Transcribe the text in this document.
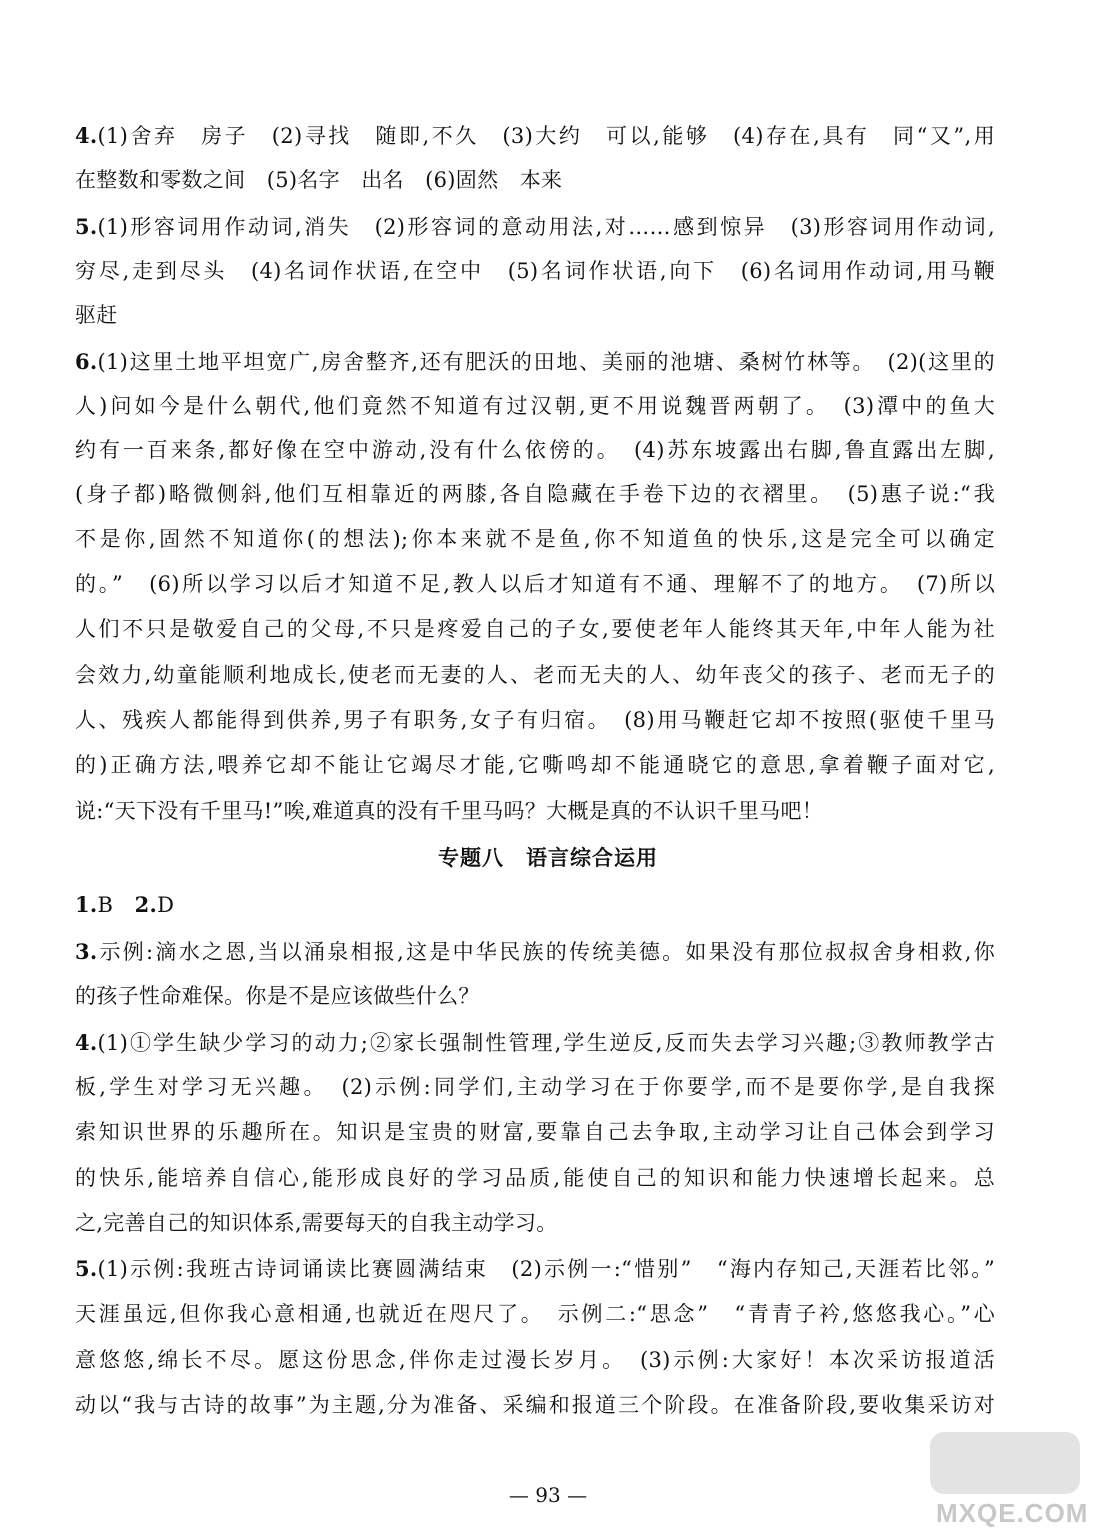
4.(1)舍弃　房子　(2)寻找　随即,不久　(3)大约　可以,能够　(4)存在,具有　同“又”,用
在整数和零数之间　(5)名字　出名　(6)固然　本来
5.(1)形容词用作动词,消失　(2)形容词的意动用法,对……感到惊异　(3)形容词用作动词,
穷尽,走到尽头　(4)名词作状语,在空中　(5)名词作状语,向下　(6)名词用作动词,用马鞭
驱赶
6.(1)这里土地平坦宽广,房舍整齐,还有肥沃的田地、美丽的池塘、桑树竹林等。　(2)(这里的
人)问如今是什么朝代,他们竟然不知道有过汉朝,更不用说魏晋两朝了。　(3)潭中的鱼大
约有一百来条,都好像在空中游动,没有什么依傍的。　(4)苏东坡露出右脚,鲁直露出左脚,
(身子都)略微侧斜,他们互相靠近的两膝,各自隐藏在手卷下边的衣褶里。　(5)惠子说:“我
不是你,固然不知道你(的想法);你本来就不是鱼,你不知道鱼的快乐,这是完全可以确定
的。”　(6)所以学习以后才知道不足,教人以后才知道有不通、理解不了的地方。　(7)所以
人们不只是敬爱自己的父母,不只是疼爱自己的子女,要使老年人能终其天年,中年人能为社
会效力,幼童能顺利地成长,使老而无妻的人、老而无夫的人、幼年丧父的孩子、老而无子的
人、残疾人都能得到供养,男子有职务,女子有归宿。　(8)用马鞭赶它却不按照(驱使千里马
的)正确方法,喂养它却不能让它竭尽才能,它嘶鸣却不能通晓它的意思,拿着鞭子面对它,
说:“天下没有千里马!”唉,难道真的没有千里马吗？大概是真的不认识千里马吧！
专题八　语言综合运用
1.B　 2.D
3.示例:滴水之恩,当以涌泉相报,这是中华民族的传统美德。如果没有那位叔叔舍身相救,你
的孩子性命难保。你是不是应该做些什么？
4.(1)①学生缺少学习的动力;②家长强制性管理,学生逆反,反而失去学习兴趣;③教师教学古
板,学生对学习无兴趣。　(2)示例:同学们,主动学习在于你要学,而不是要你学,是自我探
索知识世界的乐趣所在。知识是宝贵的财富,要靠自己去争取,主动学习让自己体会到学习
的快乐,能培养自信心,能形成良好的学习品质,能使自己的知识和能力快速增长起来。总
之,完善自己的知识体系,需要每天的自我主动学习。
5.(1)示例:我班古诗词诵读比赛圆满结束　(2)示例一:“惜别”　“海内存知己,天涯若比邻。”
天涯虽远,但你我心意相通,也就近在咫尺了。　示例二:“思念”　“青青子衿,悠悠我心。”心
意悠悠,绵长不尽。愿这份思念,伴你走过漫长岁月。　(3)示例:大家好！本次采访报道活
动以“我与古诗的故事”为主题,分为准备、采编和报道三个阶段。在准备阶段,要收集采访对
— 93 —
MXQE.COM
